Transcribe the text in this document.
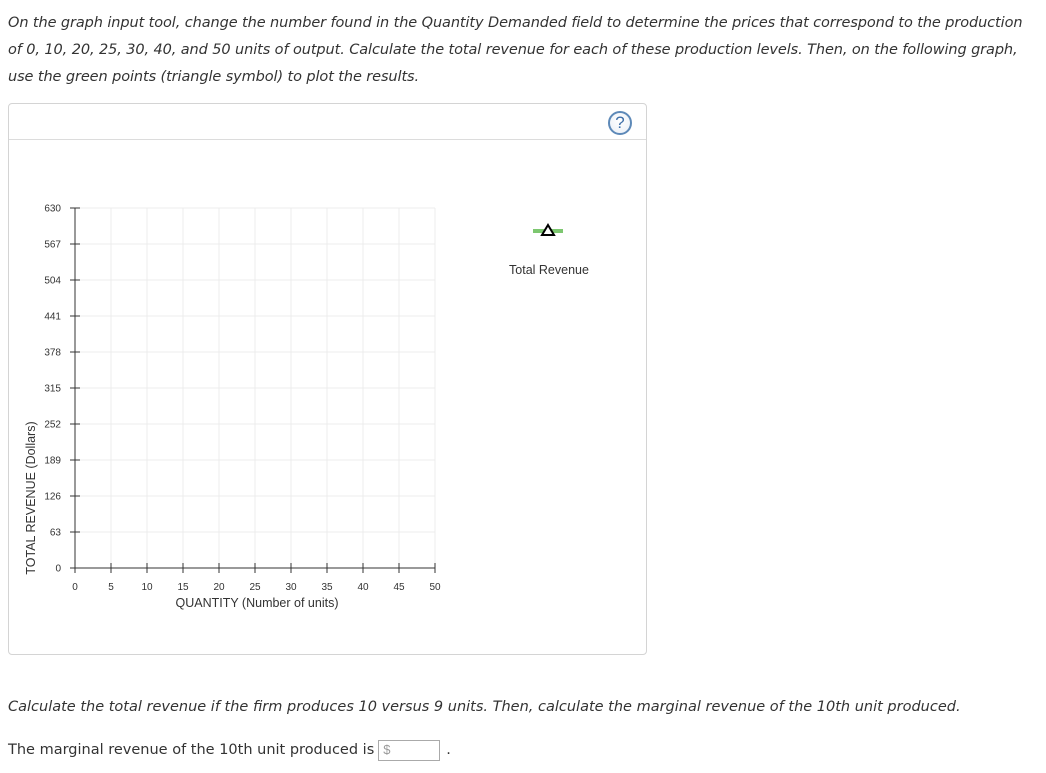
On the graph input tool, change the number found in the Quantity Demanded field to determine the prices that correspond to the production of 0, 10, 20, 25, 30, 40, and 50 units of output. Calculate the total revenue for each of these production levels. Then, on the following graph, use the green points (triangle symbol) to plot the results.
?
0
63
126
189
252
315
378
441
504
567
630
0	5	10 15 20 25 30 35 40 45 50
TOTAL REVENUE (Dollars)
QUANTITY (Number of units)
Total Revenue
Calculate the total revenue if the firm produces 10 versus 9 units. Then, calculate the marginal revenue of the 10th unit produced.
The marginal revenue of the 10th unit produced is $	.
